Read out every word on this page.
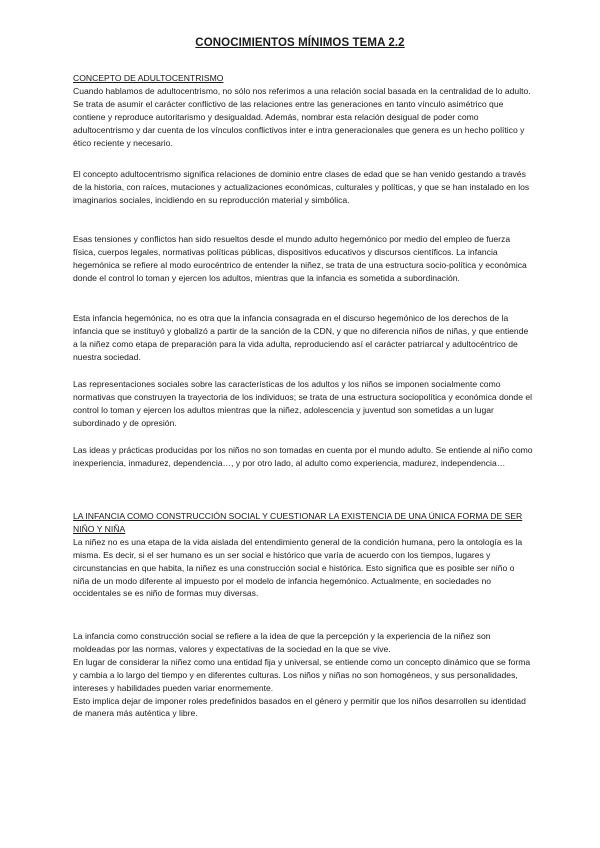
CONOCIMIENTOS MÍNIMOS TEMA 2.2
CONCEPTO DE ADULTOCENTRISMO

Cuando hablamos de adultocentrismo, no sólo nos referimos a una relación social basada en la centralidad de lo adulto. Se trata de asumir el carácter conflictivo de las relaciones entre las generaciones en tanto vínculo asimétrico que contiene y reproduce autoritarismo y desigualdad. Además, nombrar esta relación desigual de poder como adultocentrismo y dar cuenta de los vínculos conflictivos inter e intra generacionales que genera es un hecho político y ético reciente y necesario.

El concepto adultocentrismo significa relaciones de dominio entre clases de edad que se han venido gestando a través de la historia, con raíces, mutaciones y actualizaciones económicas, culturales y políticas, y que se han instalado en los imaginarios sociales, incidiendo en su reproducción material y simbólica.

Esas tensiones y conflictos han sido resueltos desde el mundo adulto hegemónico por medio del empleo de fuerza física, cuerpos legales, normativas políticas públicas, dispositivos educativos y discursos científicos. La infancia hegemónica se refiere al modo eurocéntrico de entender la niñez, se trata de una estructura socio-política y económica donde el control lo toman y ejercen los adultos, mientras que la infancia es sometida a subordinación.

Esta infancia hegemónica, no es otra que la infancia consagrada en el discurso hegemónico de los derechos de la infancia que se instituyó y globalizó a partir de la sanción de la CDN, y que no diferencia niños de niñas, y que entiende a la niñez como etapa de preparación para la vida adulta, reproduciendo así el carácter patriarcal y adultocéntrico de nuestra sociedad.

Las representaciones sociales sobre las características de los adultos y los niños se imponen socialmente como normativas que construyen la trayectoria de los individuos; se trata de una estructura sociopolítica y económica donde el control lo toman y ejercen los adultos mientras que la niñez, adolescencia y juventud son sometidas a un lugar subordinado y de opresión.

Las ideas y prácticas producidas por los niños no son tomadas en cuenta por el mundo adulto. Se entiende al niño como inexperiencia, inmadurez, dependencia…, y por otro lado, al adulto como experiencia, madurez, independencia…

LA INFANCIA COMO CONSTRUCCIÓN SOCIAL Y CUESTIONAR LA EXISTENCIA DE UNA ÚNICA FORMA DE SER NIÑO Y NIÑA

La niñez no es una etapa de la vida aislada del entendimiento general de la condición humana, pero la ontología es la misma. Es decir, si el ser humano es un ser social e histórico que varía de acuerdo con los tiempos, lugares y circunstancias en que habita, la niñez es una construcción social e histórica. Esto significa que es posible ser niño o niña de un modo diferente al impuesto por el modelo de infancia hegemónico. Actualmente, en sociedades no occidentales se es niño de formas muy diversas.

La infancia como construcción social se refiere a la idea de que la percepción y la experiencia de la niñez son moldeadas por las normas, valores y expectativas de la sociedad en la que se vive.

En lugar de considerar la niñez como una entidad fija y universal, se entiende como un concepto dinámico que se forma y cambia a lo largo del tiempo y en diferentes culturas. Los niños y niñas no son homogéneos, y sus personalidades, intereses y habilidades pueden variar enormemente.

Esto implica dejar de imponer roles predefinidos basados en el género y permitir que los niños desarrollen su identidad de manera más auténtica y libre.
